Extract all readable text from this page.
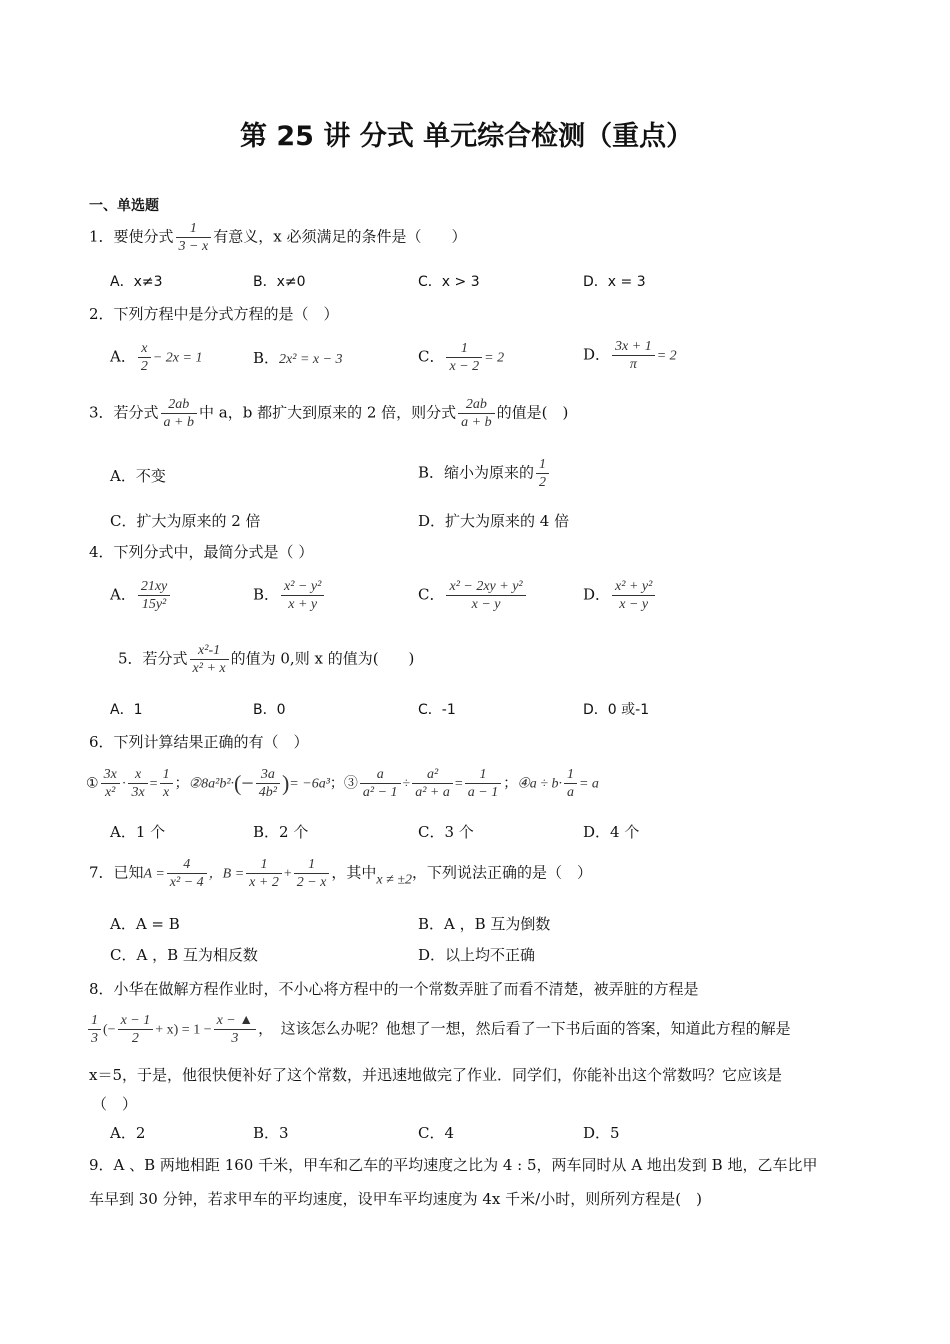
第 25 讲 分式 单元综合检测（重点）
一、单选题
1．要使分式 $\frac{1}{3 - x}$ 有意义，x 必须满足的条件是（　　）
A．x≠3	B．x≠0	C．x > 3	D．x = 3
2．下列方程中是分式方程的是（　）
A． $\frac{x}{2} - 2x = 1$	B．2x² = x − 3	C． $\frac{1}{x - 2} = 2$	D． $\frac{3x + 1}{\pi} = 2$
3．若分式 $\frac{2ab}{a + b}$ 中 a，b 都扩大到原来的 2 倍，则分式 $\frac{2ab}{a + b}$ 的值是(　)
A．不变	B．缩小为原来的 $\frac{1}{2}$
C．扩大为原来的 2 倍	D．扩大为原来的 4 倍
4．下列分式中，最简分式是（ ）
A． $\frac{21xy}{\text{15y²}}$	B． $\frac{\text{x² − y²}}{x + y}$	C． $\frac{\text{x² − 2xy + y²}}{x - y}$	D． $\frac{\text{x² + y²}}{x - y}$
5．若分式 $\frac{\text{x²-1}}{\text{x² + x}}$ 的值为 0,则 x 的值为(　　)
A．1	B．0	C．-1	D．0 或-1
6．下列计算结果正确的有（　）
① $\frac{3x}{\text{x²}} \cdot \frac{x}{3x} = \frac{1}{x}$ ；②8a²b²·(− $\frac{3a}{\text{4b²}}$ )= −6a³；③ $\frac{a}{\text{a² − 1}} \div \frac{\text{a²}}{\text{a² + a}} = \frac{1}{a - 1}$ ；④a ÷ $b\cdot \frac{1}{a} = a$
A．1 个	B．2 个	C．3 个	D．4 个
7．已知$A = \frac{4}{\text{x² − 4}}$ ，$B = \frac{1}{x + 2} + \frac{1}{2 - x}$ ，其中x ≠ ±2，下列说法正确的是（　）
A．A = B	B．A ，B 互为倒数
C．A ，B 互为相反数	D．以上均不正确
8．小华在做解方程作业时，不小心将方程中的一个常数弄脏了而看不清楚，被弄脏的方程是
$\frac{1}{3}$ (− $\frac{x - 1}{2} + x) = 1 - \frac{x - ▲}{3}$ ，　这该怎么办呢？他想了一想，然后看了一下书后面的答案，知道此方程的解是
x＝5，于是，他很快便补好了这个常数，并迅速地做完了作业．同学们，你能补出这个常数吗？它应该是
（　）
A．2	B．3	C．4	D．5
9．A 、B 两地相距 160 千米，甲车和乙车的平均速度之比为 4 : 5，两车同时从 A 地出发到 B 地，乙车比甲
车早到 30 分钟，若求甲车的平均速度，设甲车平均速度为 4x 千米/小时，则所列方程是(　)
